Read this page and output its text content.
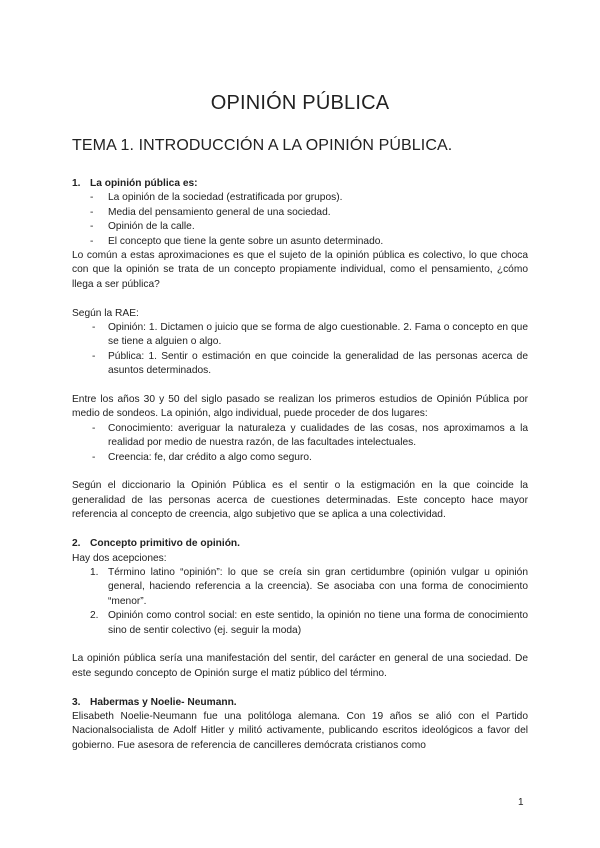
OPINIÓN PÚBLICA
TEMA 1. INTRODUCCIÓN A LA OPINIÓN PÚBLICA.
1. La opinión pública es:
- La opinión de la sociedad (estratificada por grupos).
- Media del pensamiento general de una sociedad.
- Opinión de la calle.
- El concepto que tiene la gente sobre un asunto determinado.

Lo común a estas aproximaciones es que el sujeto de la opinión pública es colectivo, lo que choca con que la opinión se trata de un concepto propiamente individual, como el pensamiento, ¿cómo llega a ser pública?

Según la RAE:

- Opinión: 1. Dictamen o juicio que se forma de algo cuestionable. 2. Fama o concepto en que se tiene a alguien o algo.
- Pública: 1. Sentir o estimación en que coincide la generalidad de las personas acerca de asuntos determinados.

Entre los años 30 y 50 del siglo pasado se realizan los primeros estudios de Opinión Pública por medio de sondeos. La opinión, algo individual, puede proceder de dos lugares:

- Conocimiento: averiguar la naturaleza y cualidades de las cosas, nos aproximamos a la realidad por medio de nuestra razón, de las facultades intelectuales.
- Creencia: fe, dar crédito a algo como seguro.

Según el diccionario la Opinión Pública es el sentir o la estigmación en la que coincide la generalidad de las personas acerca de cuestiones determinadas. Este concepto hace mayor referencia al concepto de creencia, algo subjetivo que se aplica a una colectividad.

2. Concepto primitivo de opinión.

Hay dos acepciones:

1. Término latino “opinión”: lo que se creía sin gran certidumbre (opinión vulgar u opinión general, haciendo referencia a la creencia). Se asociaba con una forma de conocimiento “menor”.
2. Opinión como control social: en este sentido, la opinión no tiene una forma de conocimiento sino de sentir colectivo (ej. seguir la moda)

La opinión pública sería una manifestación del sentir, del carácter en general de una sociedad. De este segundo concepto de Opinión surge el matiz público del término.

3. Habermas y Noelie- Neumann.

Elisabeth Noelie-Neumann fue una politóloga alemana. Con 19 años se alió con el Partido Nacionalsocialista de Adolf Hitler y militó activamente, publicando escritos ideológicos a favor del gobierno. Fue asesora de referencia de cancilleres demócrata cristianos como

1
